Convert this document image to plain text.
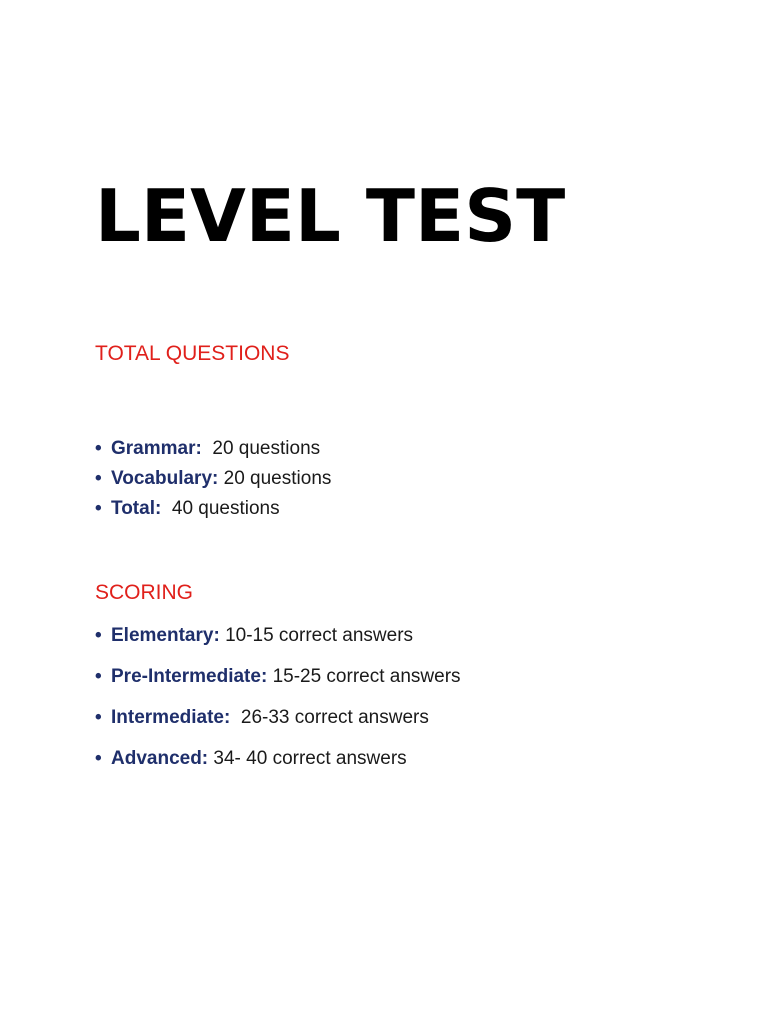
LEVEL TEST
TOTAL QUESTIONS
• Grammar: 20 questions
• Vocabulary: 20 questions
• Total: 40 questions
SCORING
• Elementary: 10-15 correct answers
• Pre-Intermediate: 15-25 correct answers
• Intermediate: 26-33 correct answers
• Advanced: 34- 40 correct answers
